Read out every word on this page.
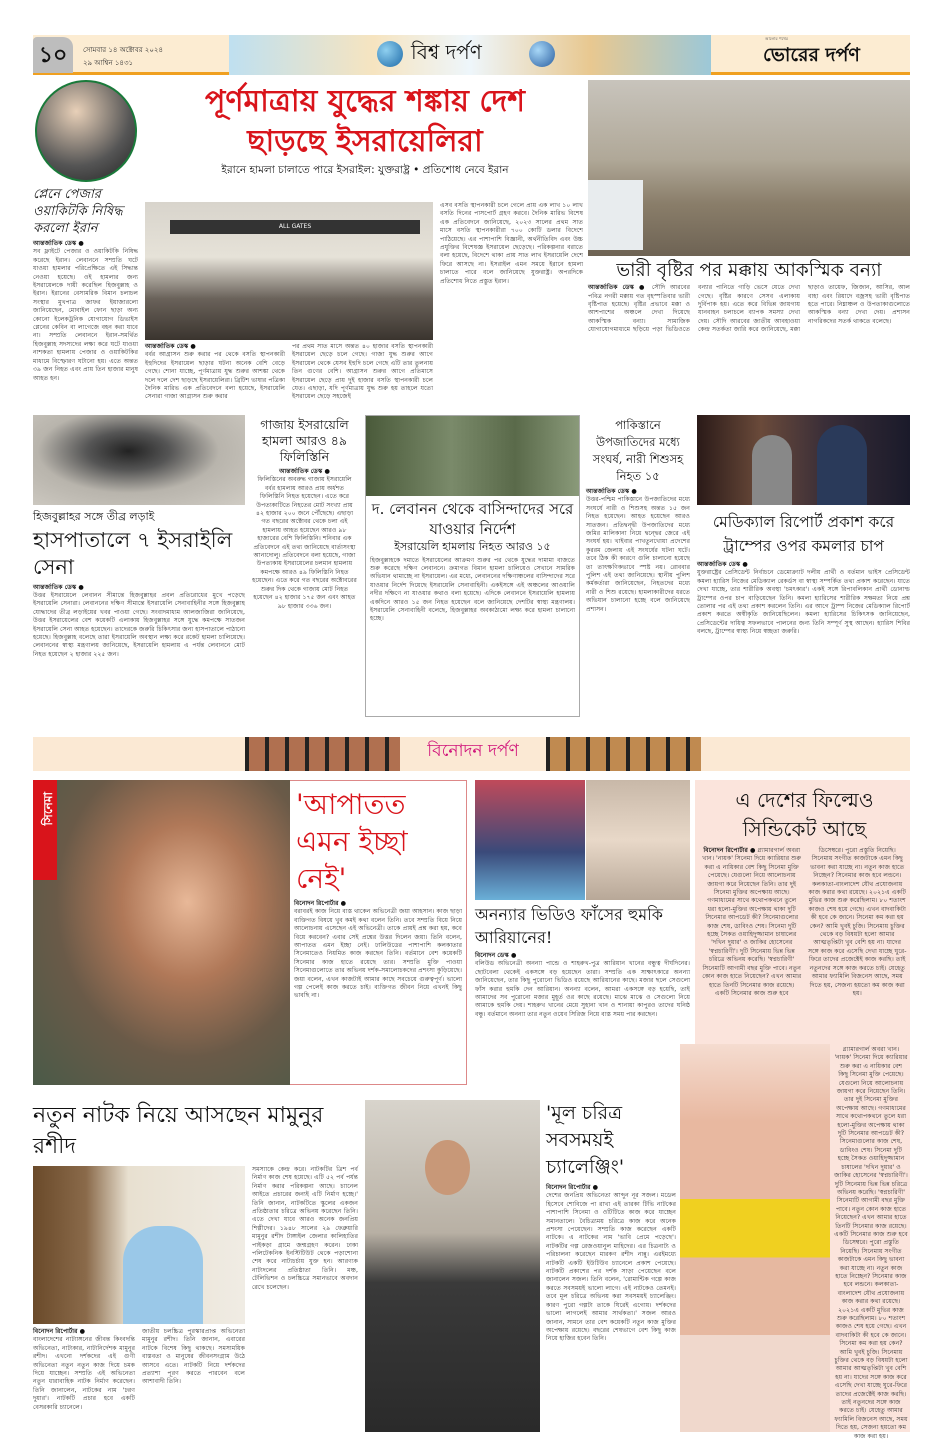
১০	সোমবার ১৪ অক্টোবর ২০২৪
২৯ আশ্বিন ১৪৩১	বিশ্ব দর্পণ
আলোর পথের
ভোরের দর্পণ
পূর্ণমাত্রায় যুদ্ধের শঙ্কায় দেশ
ছাড়ছে ইসরায়েলিরা
ইরানে হামলা চালাতে পারে ইসরাইল: যুক্তরাষ্ট্র • প্রতিশোধ নেবে ইরান
ALL GATES
আন্তর্জাতিক ডেস্ক ●
বর্বর আগ্রাসন শুরু করার পর থেকে বসতি স্থাপনকারী ইহুদিদের ইসরায়েল ছাড়ার ঘটনা অনেক বেশি বেড়ে গেছে। শোনা যাচ্ছে, পূর্ণমাত্রায় যুদ্ধ শুরুর আশঙ্কা থেকে দলে দলে দেশ ছাড়ছে ইসরায়েলিরা। ব্রিটিশ ভাষার পত্রিকা দৈনিক মারিভ এক প্রতিবেদনে বলা হয়েছে, ইসরায়েলি সেনারা গাজা আগ্রাসন শুরু করার
পর প্রথম সাত মাসে অন্তত ৪০ হাজার বসতি স্থাপনকারী ইসরায়েল ছেড়ে চলে গেছে। গাজা যুদ্ধ শুরুর আগে ইসরায়েল থেকে যেসব ইহুদি চলে গেছে এটি তার তুলনায় তিন গুণের বেশি। আগ্রাসন শুরুর আগে প্রতিমাসে ইসরায়েল ছেড়ে প্রায় দুই হাজার বসতি স্থাপনকারী চলে যেত। এছাড়া, যদি পূর্ণমাত্রায় যুদ্ধ শুরু হয় তাহলে যতো ইসরায়েল ছেড়ে সহজেই
এসব বসতি স্থাপনকারী চলে গেলে প্রায় এক লাখ ১০ লাখ বসতি দিনের পাসপোর্ট গ্রহণ করবে। দৈনিক মারিভ বিশেষ এক প্রতিবেদনে জানিয়েছে, ২০২৩ সালের প্রথম সাত মাসে বসতি স্থাপনকারীরা ৭০০ কোটি ডলার বিদেশে পাঠিয়েছে। এর পাশাপাশি বিজ্ঞানী, অর্থনীতিবিদ এবং উচ্চ প্রযুক্তির বিশেষজ্ঞ ইসরায়েল ছেড়েছে। পরিকল্পনার বরাতে বলা হয়েছে, বিদেশে থাকা প্রায় সাত লাখ ইসরায়েলি দেশে ফিরে আসছে না। ইসরাইল এমন সময়ে ইরানে হামলা চালাতে পারে বলে জানিয়েছে যুক্তরাষ্ট্র। অপরদিকে প্রতিশোধ নিতে প্রস্তুত ইরান।
প্লেনে পেজার ওয়াকিটকি নিষিদ্ধ করলো ইরান
আন্তর্জাতিক ডেস্ক ●
সব ফ্লাইটে পেজার ও ওয়াকিটকি নিষিদ্ধ করেছে ইরান। লেবাননে সম্প্রতি ঘটে যাওয়া হামলার পরিপ্রেক্ষিতে এই সিদ্ধান্ত নেওয়া হয়েছে। ওই হামলার জন্য ইসরায়েলকে দায়ী করেছিল হিজবুল্লাহ ও ইরান। ইরানের বেসামরিক বিমান চলাচল সংস্থার মুখপাত্র জাফর ইয়াজারলো জানিয়েছেন, মোবাইল ফোন ছাড়া অন্য কোনো ইলেকট্রনিক যোগাযোগ ডিভাইস প্লেনের কেবিন বা লাগেজে বহন করা যাবে না। সম্প্রতি লেবাননে ইরান-সমর্থিত হিজবুল্লাহ সদস্যদের লক্ষ্য করে ঘটে যাওয়া নাশকতা হামলায় পেজার ও ওয়াকিটকির মাধ্যমে বিস্ফোরণ ঘটানো হয়। এতে অন্তত ৩৯ জন নিহত এবং প্রায় তিন হাজার মানুষ আহত হন।
ভারী বৃষ্টির পর মক্কায় আকস্মিক বন্যা
আন্তর্জাতিক ডেস্ক ● সৌদি আরবের পবিত্র নগরী মক্কায় গত বৃহস্পতিবার ভারী বৃষ্টিপাত হয়েছে। বৃষ্টির প্রভাবে মক্কা ও আশপাশের অঞ্চলে দেখা দিয়েছে আকস্মিক বন্যা। সামাজিক যোগাযোগমাধ্যমে ছড়িয়ে পড়া ভিডিওতে বন্যার পানিতে গাড়ি ভেসে যেতে দেখা গেছে। বৃষ্টির কারণে সেসব এলাকায় দুর্বিপাক হয়। এতে করে বিভিন্ন জায়গায় যানবাহন চলাচলে ব্যাপক সমস্যা দেখা দেয়। সৌদি আরবের জাতীয় আবহাওয়া কেন্দ্র সতর্কতা জারি করে জানিয়েছে, মক্কা ছাড়াও তায়েফ, জিজান, আসির, আল বাহা এবং রিয়াদে বজ্রসহ ভারী বৃষ্টিপাত হতে পারে। নিম্নাঞ্চল ও উপত্যকাগুলোতে আকস্মিক বন্যা দেখা দেয়। প্রশাসন নাগরিকদের সতর্ক থাকতে বলেছে।
হিজবুল্লাহর সঙ্গে তীব্র লড়াই
হাসপাতালে ৭ ইসরাইলি সেনা
আন্তর্জাতিক ডেস্ক ●
উত্তর ইসরায়েলে লেবানন সীমান্তে হিজবুল্লাহর প্রবল প্রতিরোধের মুখে পড়েছে ইসরায়েলি সেনারা। লেবাননের দক্ষিণ সীমান্তে ইসরায়েলি সেনাবাহিনীর সঙ্গে হিজবুল্লাহ যোদ্ধাদের তীব্র লড়াইয়ের খবর পাওয়া গেছে। সংবাদমাধ্যম আলজাজিরা জানিয়েছে, উত্তর ইসরায়েলের বেশ কয়েকটি এলাকায় হিজবুল্লাহর সঙ্গে যুদ্ধে কমপক্ষে সাতজন ইসরায়েলি সেনা আহত হয়েছেন। তাদেরকে জরুরি চিকিৎসার জন্য হাসপাতালে পাঠানো হয়েছে। হিজবুল্লাহ বলেছে তারা ইসরায়েলি অবস্থান লক্ষ্য করে রকেট হামলা চালিয়েছে। লেবাননের স্বাস্থ্য মন্ত্রণালয় জানিয়েছে, ইসরায়েলি হামলায় এ পর্যন্ত লেবাননে মোট নিহত হয়েছেন ২ হাজার ২২৫ জন।
গাজায় ইসরায়েলি হামলা আরও ৪৯ ফিলিস্তিনি
আন্তর্জাতিক ডেস্ক ●
ফিলিস্তিনের অবরুদ্ধ গাজায় ইসরায়েলি বর্বর হামলায় আরও প্রায় অর্ধশত ফিলিস্তিনি নিহত হয়েছেন। এতে করে উপত্যকাটিতে নিহতের মোট সংখ্যা প্রায় ৪২ হাজার ২০০ জনে পৌঁছেছে। এছাড়া গত বছরের অক্টোবর থেকে চলা এই হামলায় আহত হয়েছেন আরও ৯৮ হাজারের বেশি ফিলিস্তিনি। শনিবার এক প্রতিবেদনে এই তথ্য জানিয়েছে বার্তাসংস্থা আনাদোলু। প্রতিবেদনে বলা হয়েছে, গাজা উপত্যকায় ইসরায়েলের চলমান হামলায় কমপক্ষে আরও ৪৯ ফিলিস্তিনি নিহত হয়েছেন। এতে করে গত বছরের অক্টোবরের শুরুর দিক থেকে গাজায় মোট নিহত হয়েছেন ৪২ হাজার ১৭৫ জন এবং আহত ৯৮ হাজার ৩৩৬ জন।
দ. লেবানন থেকে বাসিন্দাদের সরে যাওয়ার নির্দেশ
ইসরায়েলি হামলায় নিহত আরও ১৫
হিজবুল্লাহকে দমাতে ইসরায়েলের আক্রমণ শুরুর পর থেকে যুদ্ধের দামামা বাজতে শুরু করেছে দক্ষিণ লেবাননে। ক্রমাগত বিমান হামলা চালিয়েও সেখানে সামরিক অভিযান থামাচ্ছে না ইসরায়েল। এর মধ্যে, লেবাননের দক্ষিণাঞ্চলের বাসিন্দাদের সরে যাওয়ার নির্দেশ দিয়েছে ইসরায়েলি সেনাবাহিনী। একইসঙ্গে এই অঞ্চলের আওয়ালি নদীর দক্ষিণে না যাওয়ার কথাও বলা হয়েছে। এদিকে লেবাননে ইসরায়েলি হামলায় একদিনে আরও ১৫ জন নিহত হয়েছেন বলে জানিয়েছে দেশটির স্বাস্থ্য মন্ত্রণালয়। ইসরায়েলি সেনাবাহিনী বলেছে, হিজবুল্লাহর অবকাঠামো লক্ষ্য করে হামলা চালানো হচ্ছে।
পাকিস্তানে উপজাতিদের মধ্যে সংঘর্ষ, নারী শিশুসহ নিহত ১৫
আন্তর্জাতিক ডেস্ক ●
উত্তর-পশ্চিম পাকিস্তানে উপজাতিদের মধ্যে সংঘর্ষে নারী ও শিশুসহ অন্তত ১৫ জন নিহত হয়েছেন। আহত হয়েছেন আরও সাতজন। প্রতিদ্বন্দ্বী উপজাতিদের মধ্যে জমির মালিকানা নিয়ে দ্বন্দ্বের জেরে এই সংঘর্ষ হয়। খাইবার পাখতুনখোয়া প্রদেশের কুররম জেলায় এই সংঘর্ষের ঘটনা ঘটে। তবে ঠিক কী কারণে গুলি চালানো হয়েছে তা তাৎক্ষণিকভাবে স্পষ্ট নয়। রোববার পুলিশ এই তথ্য জানিয়েছে। স্থানীয় পুলিশ কর্মকর্তারা জানিয়েছেন, নিহতদের মধ্যে নারী ও শিশু রয়েছে। হামলাকারীদের ধরতে অভিযান চালানো হচ্ছে বলে জানিয়েছে প্রশাসন।
মেডিক্যাল রিপোর্ট প্রকাশ করে ট্রাম্পের ওপর কমলার চাপ
আন্তর্জাতিক ডেস্ক ●
যুক্তরাষ্ট্রের প্রেসিডেন্ট নির্বাচনে ডেমোক্র্যাট দলীয় প্রার্থী ও বর্তমান ভাইস প্রেসিডেন্ট কমলা হ্যারিস নিজের মেডিক্যাল রেকর্ডস বা স্বাস্থ্য সম্পর্কিত তথ্য প্রকাশ করেছেন। যাতে দেখা যাচ্ছে, তার শারীরিক অবস্থা 'চমৎকার'। একই সঙ্গে রিপাবলিকান প্রার্থী ডোনাল্ড ট্রাম্পের ওপর চাপ বাড়িয়েছেন তিনি। কমলা হ্যারিসের শারীরিক সক্ষমতা নিয়ে প্রশ্ন তোলার পর এই তথ্য প্রকাশ করলেন তিনি। এর আগে ট্রাম্প নিজের মেডিক্যাল রিপোর্ট প্রকাশ করতে অস্বীকৃতি জানিয়েছিলেন। কমলা হ্যারিসের চিকিৎসক জানিয়েছেন, প্রেসিডেন্টের দায়িত্ব সফলভাবে পালনের জন্য তিনি সম্পূর্ণ সুস্থ আছেন। হ্যারিস শিবির বলছে, ট্রাম্পের স্বাস্থ্য নিয়ে স্বচ্ছতা জরুরি।
বিনোদন দর্পণ
সিনেমা	'আপাতত এমন ইচ্ছা নেই'
বিনোদন রিপোর্টার ●
বরাবরই কাজ নিয়ে ব্যস্ত থাকেন অভিনেত্রী জয়া আহসান। কাজ ছাড়া ব্যক্তিগত বিষয়ে খুব কমই কথা বলেন তিনি। তবে সম্প্রতি বিয়ে নিয়ে আলোচনায় এসেছেন এই অভিনেত্রী। তাকে প্রায়ই প্রশ্ন করা হয়, কবে বিয়ে করবেন? এবার সেই প্রশ্নের উত্তর দিলেন জয়া। তিনি বলেন, আপাতত এমন ইচ্ছা নেই। ঢালিউডের পাশাপাশি কলকাতার সিনেমাতেও নিয়মিত কাজ করছেন তিনি। বর্তমানে বেশ কয়েকটি সিনেমার কাজ হাতে রয়েছে তার। সম্প্রতি মুক্তি পাওয়া সিনেমাগুলোতে তার অভিনয় দর্শক-সমালোচকদের প্রশংসা কুড়িয়েছে। জয়া বলেন, এখন কাজটাই আমার কাছে সবচেয়ে গুরুত্বপূর্ণ। ভালো গল্প পেলেই কাজ করতে চাই। ব্যক্তিগত জীবন নিয়ে এখনই কিছু ভাবছি না।
অনন্যার ভিডিও ফাঁসের হুমকি আরিয়ানের!
বিনোদন ডেস্ক ●
বলিউড অভিনেত্রী অনন্যা পান্ডে ও শাহরুখ-পুত্র আরিয়ান খানের বন্ধুত্ব দীর্ঘদিনের। ছোটবেলা থেকেই একসঙ্গে বড় হয়েছেন তারা। সম্প্রতি এক সাক্ষাৎকারে অনন্যা জানিয়েছেন, তার কিছু পুরোনো ভিডিও রয়েছে আরিয়ানের কাছে। মজার ছলে সেগুলো ফাঁস করার হুমকি দেন আরিয়ান। অনন্যা বলেন, আমরা একসঙ্গে বড় হয়েছি, তাই আমাদের সব পুরোনো মজার মুহূর্ত ওর কাছে রয়েছে। মাঝে মাঝে ও সেগুলো নিয়ে আমাকে হুমকি দেয়। শাহরুখ খানের মেয়ে সুহানা খান ও শানায়া কাপুরও তাদের ঘনিষ্ঠ বন্ধু। বর্তমানে অনন্যা তার নতুন ওয়েব সিরিজ নিয়ে ব্যস্ত সময় পার করছেন।
এ দেশের ফিল্মেও সিন্ডিকেট আছে
বিনোদন রিপোর্টার ● গ্ল্যামারগার্ল অবরা খান। 'নায়ক' সিনেমা দিয়ে ক্যারিয়ার শুরু করা এ নায়িকার বেশ কিছু সিনেমা মুক্তি পেয়েছে। যেগুলো নিয়ে আলোচনায় জায়গা করে নিয়েছেন তিনি। তার দুই সিনেমা মুক্তির অপেক্ষায় আছে। গণমাধ্যমের সাথে কথোপকথনে তুলে ধরা হলো-মুক্তির অপেক্ষায় থাকা দুটি সিনেমার আপডেট কী? সিনেমাগুলোর কাজ শেষ, ডাবিংও শেষ। সিনেমা দুটি হচ্ছে সৈকত ওয়াহিদুজ্জামান চাষালের 'দখিন দুয়ার' ও জাকির হোসেনের 'স্বপ্নচারিণী'। দুটি সিনেমায় ভিন্ন ভিন্ন চরিত্রে অভিনয় করেছি। 'স্বপ্নচারিণী' সিনেমাটি আগামী বছর মুক্তি পাবে। নতুন কোন কাজ হাতে নিয়েছেন? এখন আমার হাতে তিনটি সিনেমার কাজ রয়েছে। একটি সিনেমার কাজ শুরু হবে ডিসেম্বরে। পুরো প্রস্তুতি নিয়েছি। সিনেমায় সংগীত কাজটাকে এমন কিছু ভাবনা করা যাচ্ছে না। নতুন কাজ হাতে নিচ্ছেন? সিনেমার কাজ হবে লন্ডনে। কলকাতা-বাংলাদেশ যৌথ প্রযোজনায় কাজ করার কথা রয়েছে। ২০২১এ একটি মুভির কাজ শুরু করেছিলাম। ৮০ শতাংশ কাজও শেষ হয়ে গেছে। এখন বাদবাকিটা কী হবে কে জানে। সিনেমা কম করা হয় কেন? আমি খুবই চুজি। সিনেমায় চুক্তির থেকে বড় বিষয়টা হলো আমার আত্মতৃপ্তিটা খুব বেশি হয় না। যাদের সঙ্গে কাজ করে এসেছি দেখা যাচ্ছে ঘুরে-ফিরে তাদের প্রজেক্টেই কাজ করছি। তাই নতুনদের সঙ্গে কাজ করতে চাই। যেহেতু আমার ফ্যামিলি বিজনেস আছে, সময় দিতে হয়, সেজন্য হয়তো কম কাজ করা হয়।
গ্ল্যামারগার্ল অবরা খান। 'নায়ক' সিনেমা দিয়ে ক্যারিয়ার শুরু করা এ নায়িকার বেশ কিছু সিনেমা মুক্তি পেয়েছে। যেগুলো নিয়ে আলোচনায় জায়গা করে নিয়েছেন তিনি। তার দুই সিনেমা মুক্তির অপেক্ষায় আছে। গণমাধ্যমের সাথে কথোপকথনে তুলে ধরা হলো-মুক্তির অপেক্ষায় থাকা দুটি সিনেমার আপডেট কী? সিনেমাগুলোর কাজ শেষ, ডাবিংও শেষ। সিনেমা দুটি হচ্ছে সৈকত ওয়াহিদুজ্জামান চাষালের 'দখিন দুয়ার' ও জাকির হোসেনের 'স্বপ্নচারিণী'। দুটি সিনেমায় ভিন্ন ভিন্ন চরিত্রে অভিনয় করেছি। 'স্বপ্নচারিণী' সিনেমাটি আগামী বছর মুক্তি পাবে। নতুন কোন কাজ হাতে নিয়েছেন? এখন আমার হাতে তিনটি সিনেমার কাজ রয়েছে। একটি সিনেমার কাজ শুরু হবে ডিসেম্বরে। পুরো প্রস্তুতি নিয়েছি। সিনেমায় সংগীত কাজটাকে এমন কিছু ভাবনা করা যাচ্ছে না। নতুন কাজ হাতে নিচ্ছেন? সিনেমার কাজ হবে লন্ডনে। কলকাতা-বাংলাদেশ যৌথ প্রযোজনায় কাজ করার কথা রয়েছে। ২০২১এ একটি মুভির কাজ শুরু করেছিলাম। ৮০ শতাংশ কাজও শেষ হয়ে গেছে। এখন বাদবাকিটা কী হবে কে জানে। সিনেমা কম করা হয় কেন? আমি খুবই চুজি। সিনেমায় চুক্তির থেকে বড় বিষয়টা হলো আমার আত্মতৃপ্তিটা খুব বেশি হয় না। যাদের সঙ্গে কাজ করে এসেছি দেখা যাচ্ছে ঘুরে-ফিরে তাদের প্রজেক্টেই কাজ করছি। তাই নতুনদের সঙ্গে কাজ করতে চাই। যেহেতু আমার ফ্যামিলি বিজনেস আছে, সময় দিতে হয়, সেজন্য হয়তো কম কাজ করা হয়।
নতুন নাটক নিয়ে আসছেন মামুনুর রশীদ
বিনোদন রিপোর্টার ●
বাংলাদেশের নাট্যাঙ্গনের জীবন্ত কিংবদন্তি অভিনেতা, নাট্যকার, নাট্যনির্দেশক মামুনুর রশীদ। এখনো দর্শকদের এই গুণী অভিনেতা নতুন নতুন কাজ দিয়ে চমক দিয়ে যাচ্ছেন। সম্প্রতি এই অভিনেতা নতুন ধারাবাহিক নাটক নির্মাণ করেছেন। তিনি জানালেন, নাটকের নাম 'ঢরণ দুয়ার'। নাটকটি প্রচার হবে একটি বেসরকারি চ্যানেলে।
জাতীয় চলচ্চিত্র পুরস্কারপ্রাপ্ত অভিনেতা মামুনুর রশীদ। তিনি জানান, এবারের নাটকে বিশেষ কিছু থাকছে। সমসাময়িক বাস্তবতা ও মানুষের জীবনসংগ্রাম উঠে আসবে এতে। নাটকটি নিয়ে দর্শকদের প্রত্যাশা পূরণ করতে পারবেন বলে আশাবাদী তিনি।
সমস্যাকে কেন্দ্র করে। নাটকটির ত্রিশ পর্ব নির্মাণ কাজ শেষ হয়েছে। এটি ৫২ পর্ব পর্যন্ত নির্মাণ করার পরিকল্পনা আছে। চ্যানেল আইতে প্রচারের জন্যই এটি নির্মাণ হচ্ছে।' তিনি জানান, নাটকটিতে স্কুলের একজন প্রতিষ্ঠাতার চরিত্রে অভিনয় করেছেন তিনি। এতে দেখা যাবে আরও অনেক জনপ্রিয় শিল্পীদের। ১৯৪৮ সালের ২৯ ফেব্রুয়ারি মামুনুর রশীদ টাঙ্গাইল জেলার কালিহাতির পাইকড়া গ্রামে জন্মগ্রহণ করেন। ঢাকা পলিটেকনিক ইনস্টিটিউট থেকে পড়াশোনা শেষ করে নাট্যচর্চায় যুক্ত হন। আরণ্যক নাট্যদলের প্রতিষ্ঠাতা তিনি। মঞ্চ, টেলিভিশন ও চলচ্চিত্রে সমানভাবে অবদান রেখে চলেছেন।
'মূল চরিত্র সবসময়ই চ্যালেঞ্জিং'
বিনোদন রিপোর্টার ●
দেশের জনপ্রিয় অভিনেতা আব্দুন নূর সজল। মডেল হিসেবে শোবিজে পা রাখা এই তারকা টিভি নাটকের পাশাপাশি সিনেমা ও ওটিটিতে কাজ করে যাচ্ছেন সমানতালে। বৈচিত্র্যময় চরিত্রে কাজ করে অনেক প্রশংসা পেয়েছেন। সম্প্রতি কাজ করেছেন একটি নাটকে। এ নাটকের নাম 'ভাবি প্রেমে পড়েছে'। নাটকটির গল্প রেজওয়ানুল মাহিদের। এর চিত্রনাট্য ও পরিচালনা করেছেন মারকণ রশীদ নান্নু। এরইমধ্যে নাটকটি একটি ইউটিউব চ্যানেলে প্রকাশ পেয়েছে। নাটকটি প্রকাশের পর দর্শক সাড়া পেয়েছেন বলে জানালেন সজল। তিনি বলেন, 'রোমান্টিক গল্পে কাজ করতে সবসময়ই ভালো লাগে। এই নাটকেও তেমনই। তবে মূল চরিত্রে অভিনয় করা সবসময়ই চ্যালেঞ্জিং। কারণ পুরো গল্পটা তাকে ঘিরেই এগোয়। দর্শকদের ভালো লাগলেই আমার সার্থকতা।' সজল আরও জানান, সামনে তার বেশ কয়েকটি নতুন কাজ মুক্তির অপেক্ষায় রয়েছে। বছরের শেষভাগে বেশ কিছু কাজ নিয়ে হাজির হবেন তিনি।
